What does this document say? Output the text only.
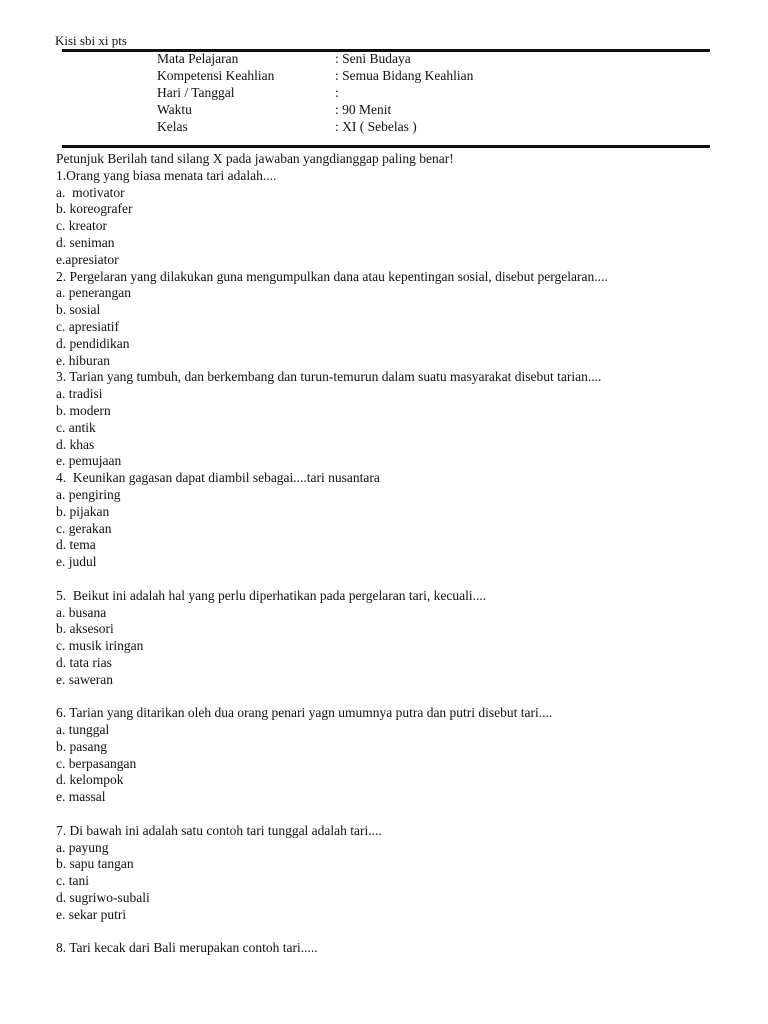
Kisi sbi xi pts
Mata Pelajaran	: Seni Budaya
Kompetensi Keahlian	: Semua Bidang Keahlian
Hari / Tanggal	:
Waktu	: 90 Menit
Kelas	: XI ( Sebelas )
Petunjuk Berilah tand silang X pada jawaban yangdianggap paling benar!
1.Orang yang biasa menata tari adalah....
a.  motivator
b. koreografer
c. kreator
d. seniman
e.apresiator
2. Pergelaran yang dilakukan guna mengumpulkan dana atau kepentingan sosial, disebut pergelaran....
a. penerangan
b. sosial
c. apresiatif
d. pendidikan
e. hiburan
3. Tarian yang tumbuh, dan berkembang dan turun-temurun dalam suatu masyarakat disebut tarian....
a. tradisi
b. modern
c. antik
d. khas
e. pemujaan
4.  Keunikan gagasan dapat diambil sebagai....tari nusantara
a. pengiring
b. pijakan
c. gerakan
d. tema
e. judul
5.  Beikut ini adalah hal yang perlu diperhatikan pada pergelaran tari, kecuali....
a. busana
b. aksesori
c. musik iringan
d. tata rias
e. saweran
6. Tarian yang ditarikan oleh dua orang penari yagn umumnya putra dan putri disebut tari....
a. tunggal
b. pasang
c. berpasangan
d. kelompok
e. massal
7. Di bawah ini adalah satu contoh tari tunggal adalah tari....
a. payung
b. sapu tangan
c. tani
d. sugriwo-subali
e. sekar putri
8. Tari kecak dari Bali merupakan contoh tari.....
